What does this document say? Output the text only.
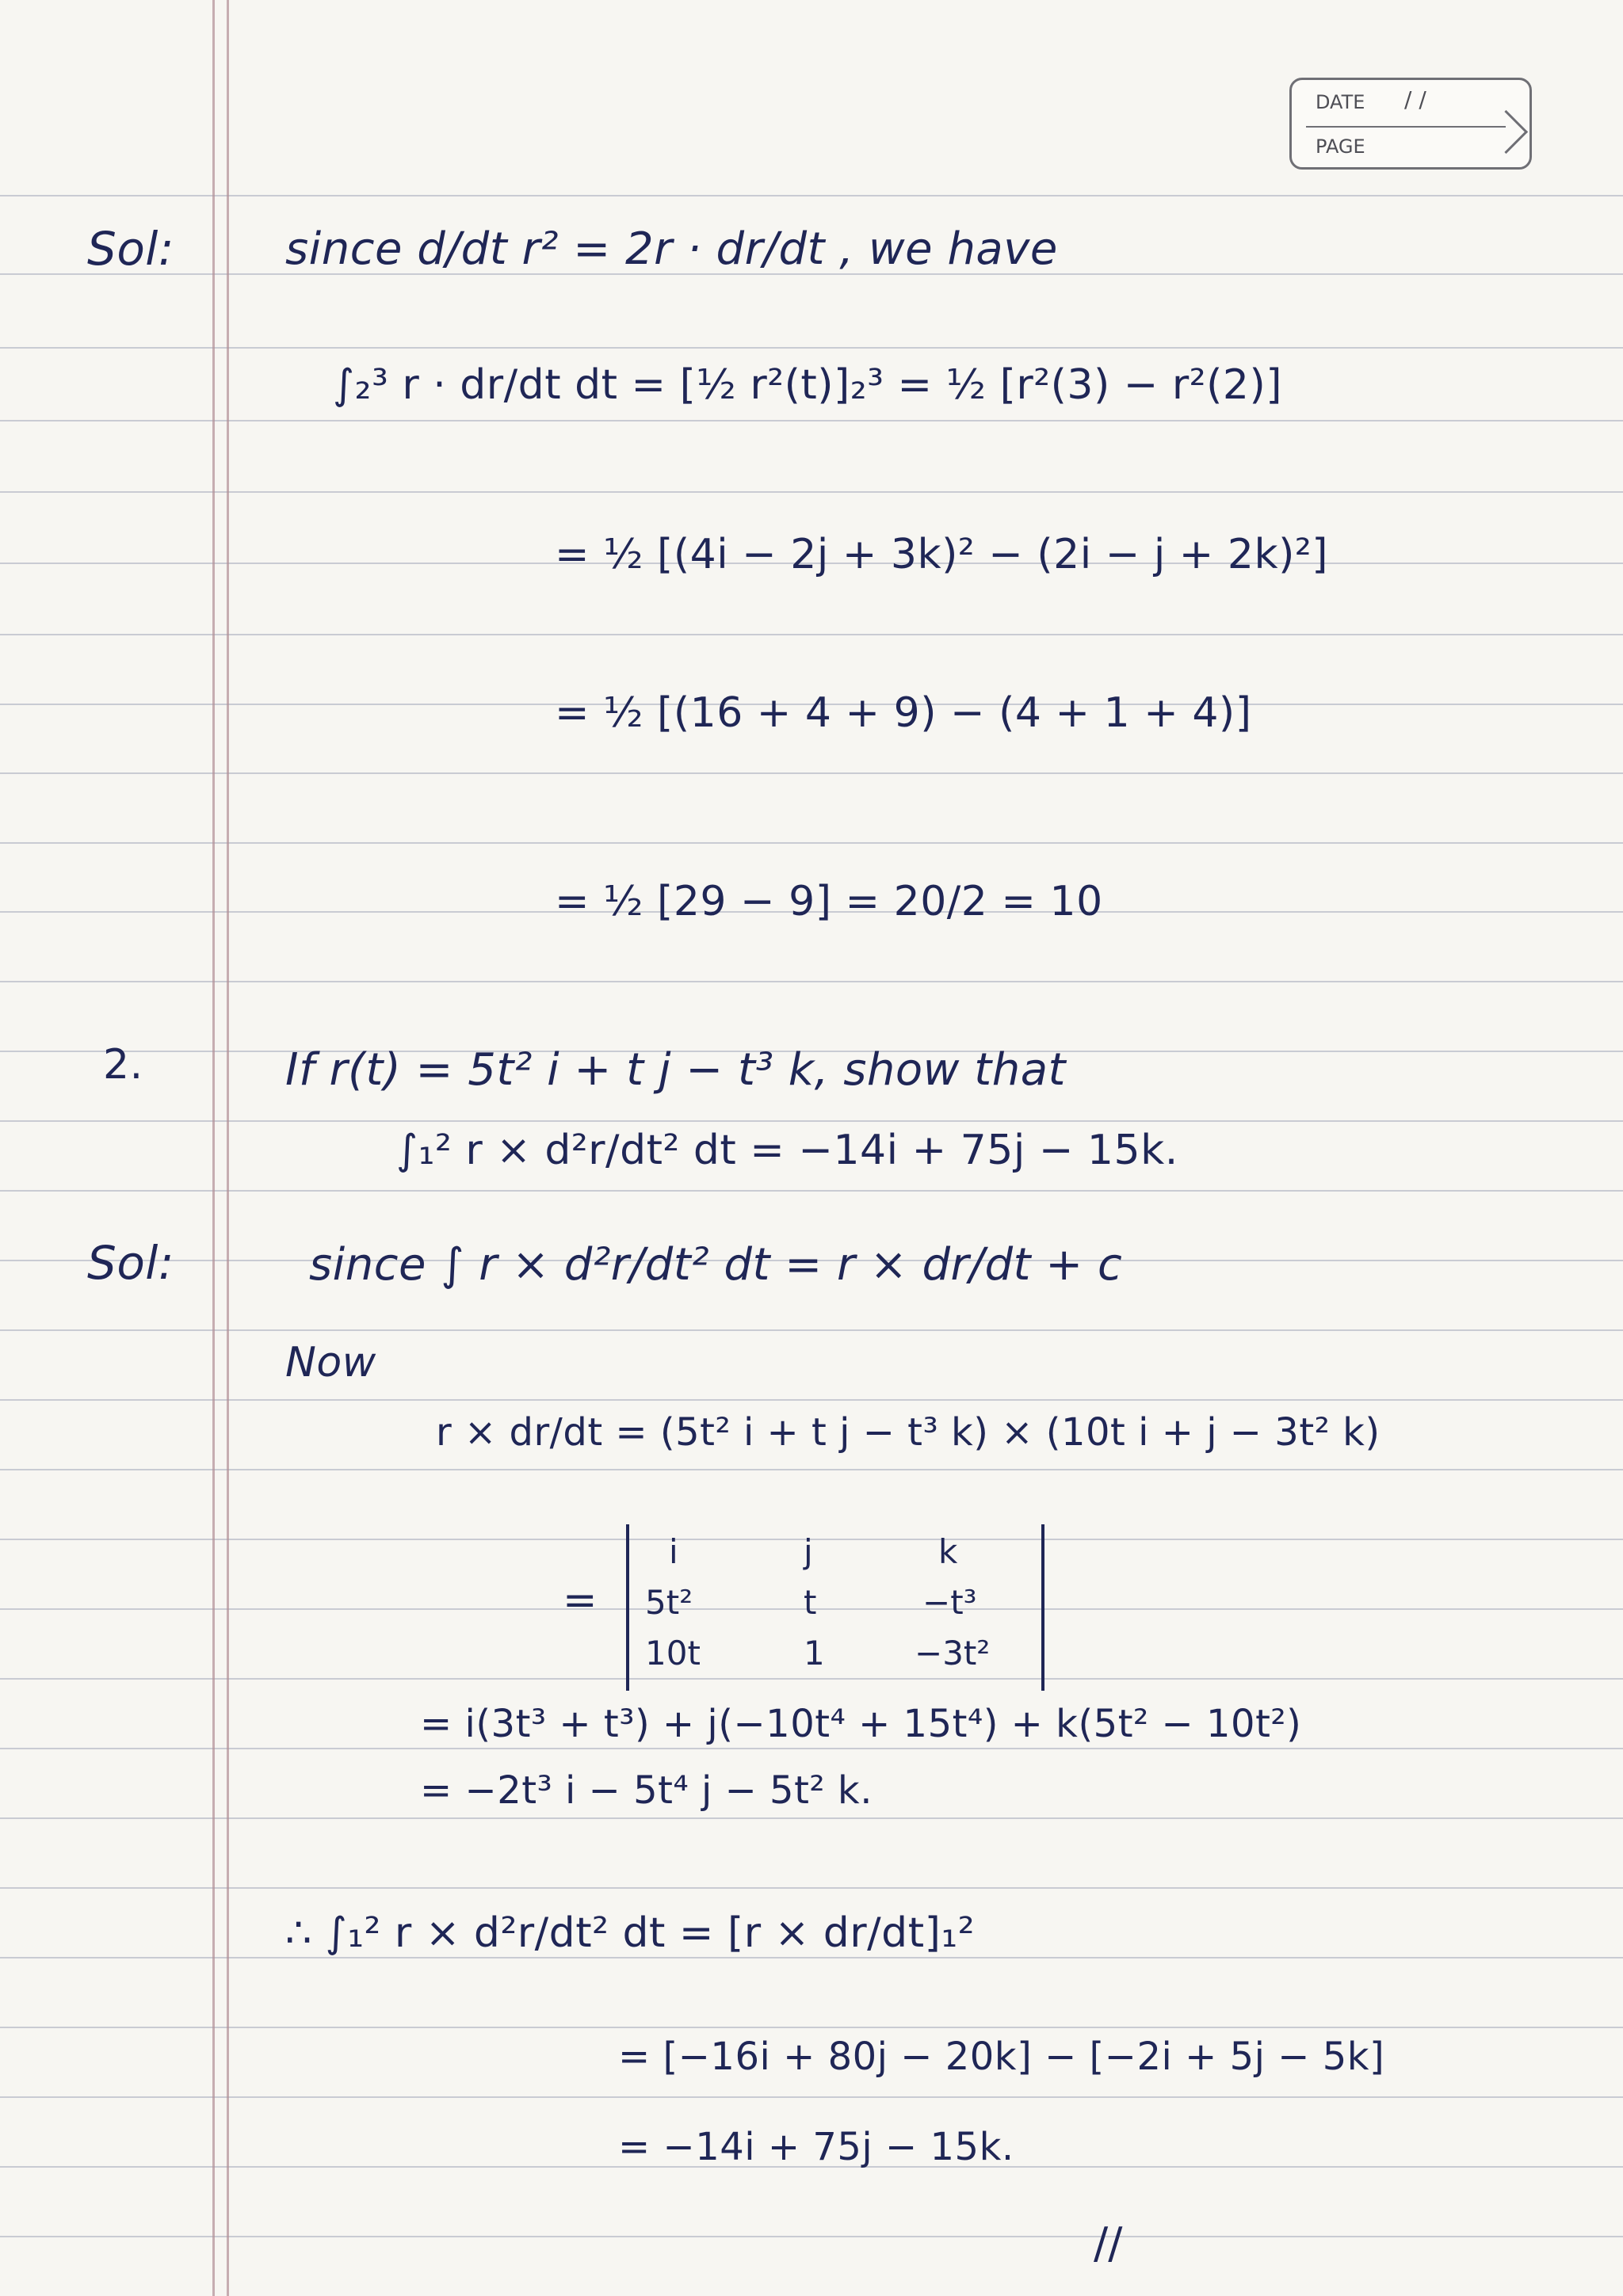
DATE / /
PAGE
Sol:	since d/dt r² = 2r · dr/dt , we have
∫₂³ r · dr/dt dt = [½ r²(t)]₂³ = ½ [r²(3) − r²(2)]
= ½ [(4i − 2j + 3k)² − (2i − j + 2k)²]
= ½ [(16 + 4 + 9) − (4 + 1 + 4)]
= ½ [29 − 9] = 20/2 = 10
2.	If r(t) = 5t² i + t j − t³ k, show that
∫₁² r × d²r/dt² dt = −14i + 75j − 15k.
Sol:	since ∫ r × d²r/dt² dt = r × dr/dt + c
Now
r × dr/dt = (5t² i + t j − t³ k) × (10t i + j − 3t² k)
=
i	j	k
5t²	t	−t³
10t	1	−3t²
= i(3t³ + t³) + j(−10t⁴ + 15t⁴) + k(5t² − 10t²)
= −2t³ i − 5t⁴ j − 5t² k.
∴ ∫₁² r × d²r/dt² dt = [r × dr/dt]₁²
= [−16i + 80j − 20k] − [−2i + 5j − 5k]
= −14i + 75j − 15k.
//
